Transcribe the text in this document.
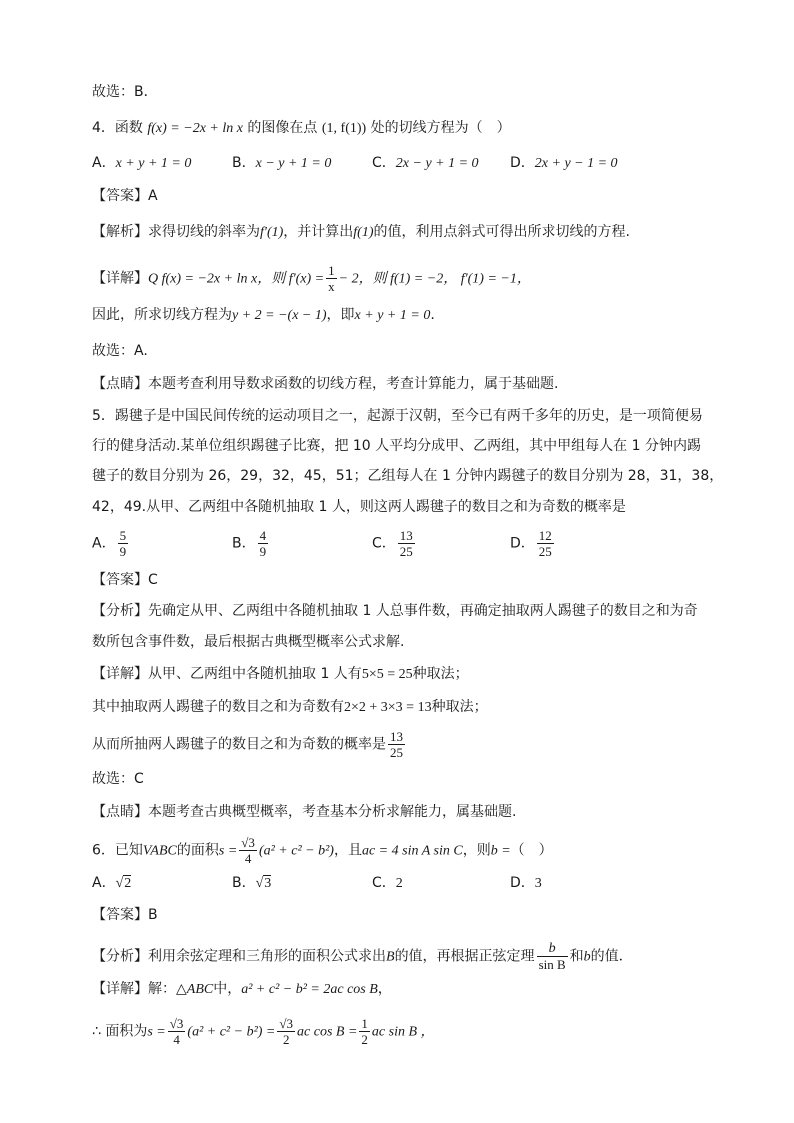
故选：B．
4．函数 f(x) = −2x + ln x 的图像在点 (1, f(1)) 处的切线方程为（　）
A．x + y + 1 = 0	B．x − y + 1 = 0	C．2x − y + 1 = 0 D．2x + y − 1 = 0
【答案】A
【解析】求得切线的斜率为f′(1)，并计算出f(1)的值，利用点斜式可得出所求切线的方程.
【详解】Q f(x) = −2x + ln x，则 $f'(x) = \frac{1}{x} - 2$，则 f(1) = −2， f′(1) = −1，
因此，所求切线方程为y + 2 = −(x − 1)，即x + y + 1 = 0.
故选：A.
【点睛】本题考查利用导数求函数的切线方程，考查计算能力，属于基础题.
5．踢毽子是中国民间传统的运动项目之一，起源于汉朝，至今已有两千多年的历史，是一项简便易
行的健身活动.某单位组织踢毽子比赛，把 10 人平均分成甲、乙两组，其中甲组每人在 1 分钟内踢
毽子的数目分别为 26，29，32，45，51；乙组每人在 1 分钟内踢毽子的数目分别为 28，31，38，
42，49.从甲、乙两组中各随机抽取 1 人，则这两人踢毽子的数目之和为奇数的概率是
A． $\frac{5}{9}$	B． $\frac{4}{9}$	C． $\frac{13}{25}$	D． $\frac{12}{25}$
【答案】C
【分析】先确定从甲、乙两组中各随机抽取 1 人总事件数，再确定抽取两人踢毽子的数目之和为奇
数所包含事件数，最后根据古典概型概率公式求解.
【详解】从甲、乙两组中各随机抽取 1 人有5×5 = 25种取法；
其中抽取两人踢毽子的数目之和为奇数有2×2 + 3×3 = 13种取法；
从而所抽两人踢毽子的数目之和为奇数的概率是 $\frac{13}{25}$
故选：C
【点睛】本题考查古典概型概率，考查基本分析求解能力，属基础题.
6．已知VABC的面积$s = \frac{√3}{4} (a^2 + c^2 - b^2)$，且ac = 4 sin A sin C，则b =（　）
A．√2	B．√3	C．2	D．3
【答案】B
【分析】利用余弦定理和三角形的面积公式求出B的值，再根据正弦定理 $\frac{b}{\text{sin B}}$ 和b的值．
【详解】解：△ABC中，a² + c² − b² = 2ac cos B，
∴ 面积为$s = \frac{√3}{4} (a^2 + c^2 - b^2) = \frac{√3}{2}$ ac $\cos B = \frac{1}{2}$ ac sin B ，
